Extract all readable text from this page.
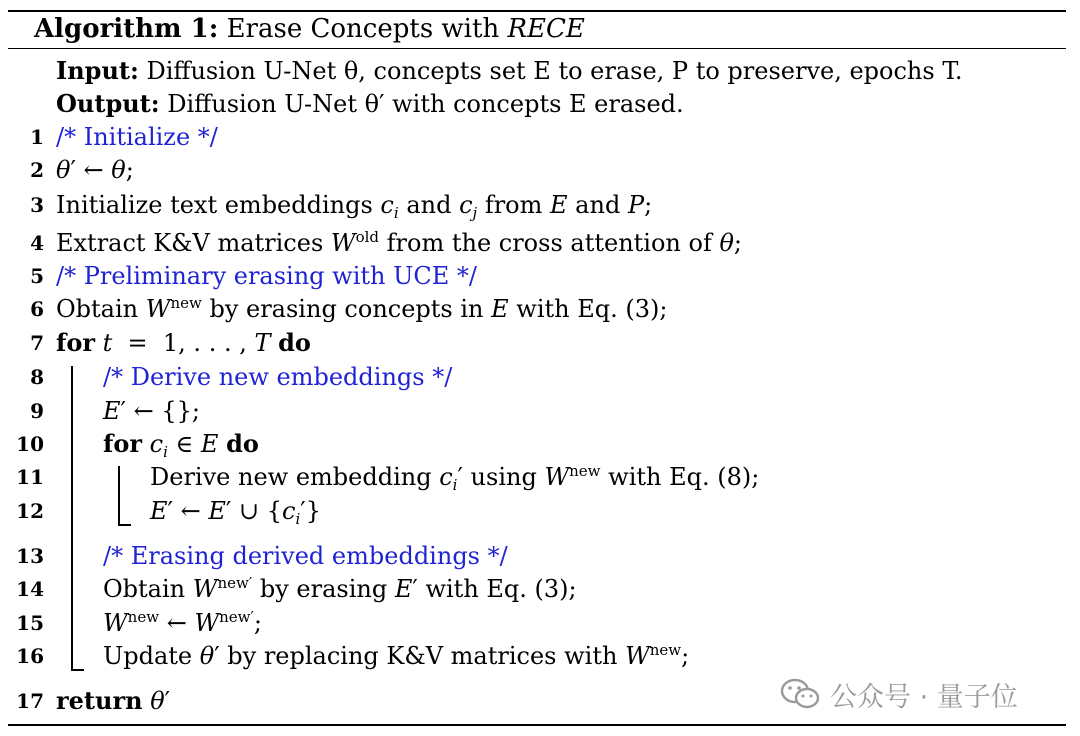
Algorithm 1: Erase Concepts with RECE
Input: Diffusion U-Net θ, concepts set E to erase, P to preserve, epochs T.
Output: Diffusion U-Net θ′ with concepts E erased.
1
2
3
4
5
6
7
8
9
10
11
12
13
14
15
16
17
/* Initialize */
θ′ ← θ;
Initialize text embeddings $c_i$ and $c_j$ from E and P;
Extract K&V matrices $W^{old}$ from the cross attention of θ;
/* Preliminary erasing with UCE */
Obtain $W^{new}$ by erasing concepts in E with Eq. (3);
for t  =  1, . . . , T do
/* Derive new embeddings */
E′ ← {};
for $c_i$ ∈ E do
Derive new embedding $c_i'$ using $W^{new}$ with Eq. (8);
E′ ← E′ ∪ $\{c_i'\}$
/* Erasing derived embeddings */
Obtain $W^{new'}$ by erasing E′ with Eq. (3);
$W^{new}$ ← $W^{new'}$;
Update θ′ by replacing K&V matrices with $W^{new}$;
return θ′	公众号 · 量子位
